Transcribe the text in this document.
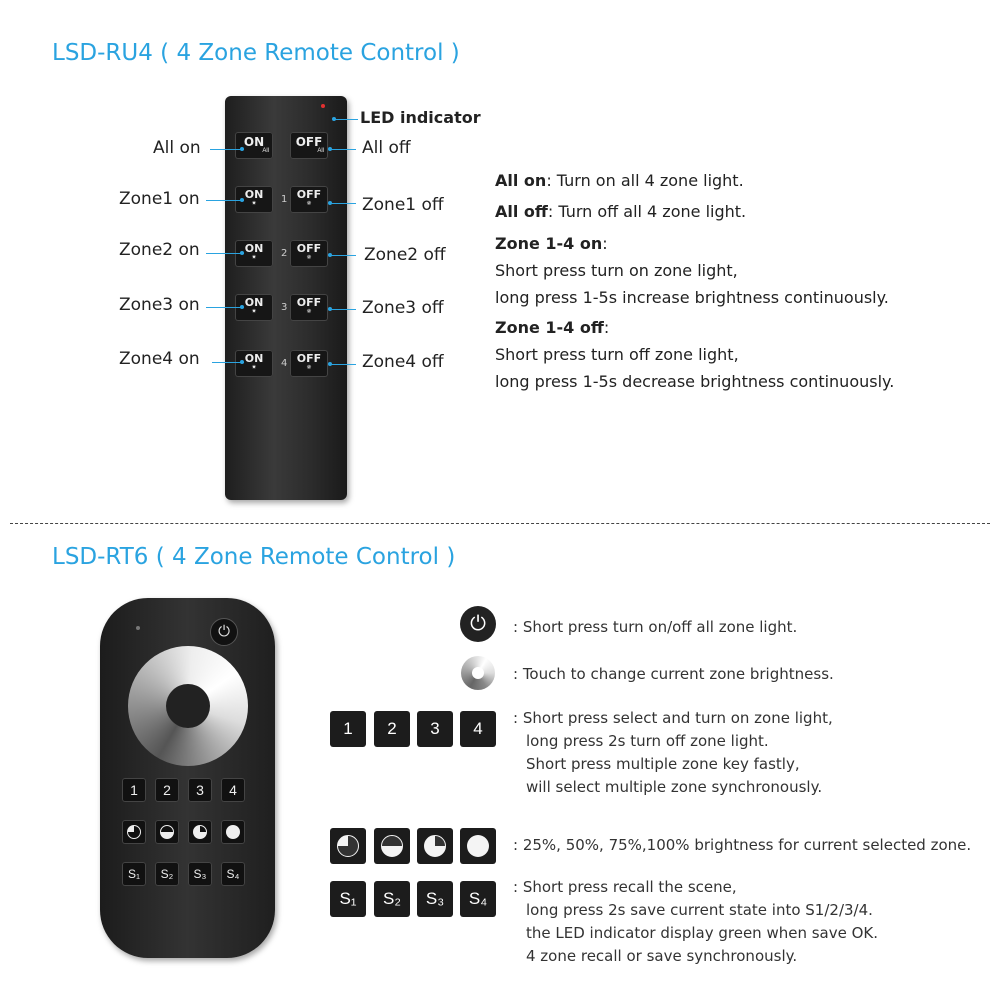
LSD-RU4 ( 4 Zone Remote Control )
ON
All
OFF
All
ON
✷	1 OFF
✵
ON
✷	2 OFF
✵
ON
✷	3 OFF
✵
ON
✷	4 OFF
✵
LED indicator
All on
Zone1 on
Zone2 on
Zone3 on
Zone4 on
All off
Zone1 off
Zone2 off
Zone3 off
Zone4 off
All on: Turn on all 4 zone light.
All off: Turn off all 4 zone light.
Zone 1-4 on:
Short press turn on zone light,
long press 1-5s increase brightness continuously.
Zone 1-4 off:
Short press turn off zone light,
long press 1-5s decrease brightness continuously.
LSD-RT6 ( 4 Zone Remote Control )
⏻
1	2	3	4
S₁	S₂	S₃	S₄
⏻	: Short press turn on/off all zone light.
: Touch to change current zone brightness.
1	2	3	4
: Short press select and turn on zone light,
long press 2s turn off zone light.
Short press multiple zone key fastly,
will select multiple zone synchronously.
: 25%, 50%, 75%,100% brightness for current selected zone.
S₁	S₂	S₃	S₄
: Short press recall the scene,
long press 2s save current state into S1/2/3/4.
the LED indicator display green when save OK.
4 zone recall or save synchronously.
